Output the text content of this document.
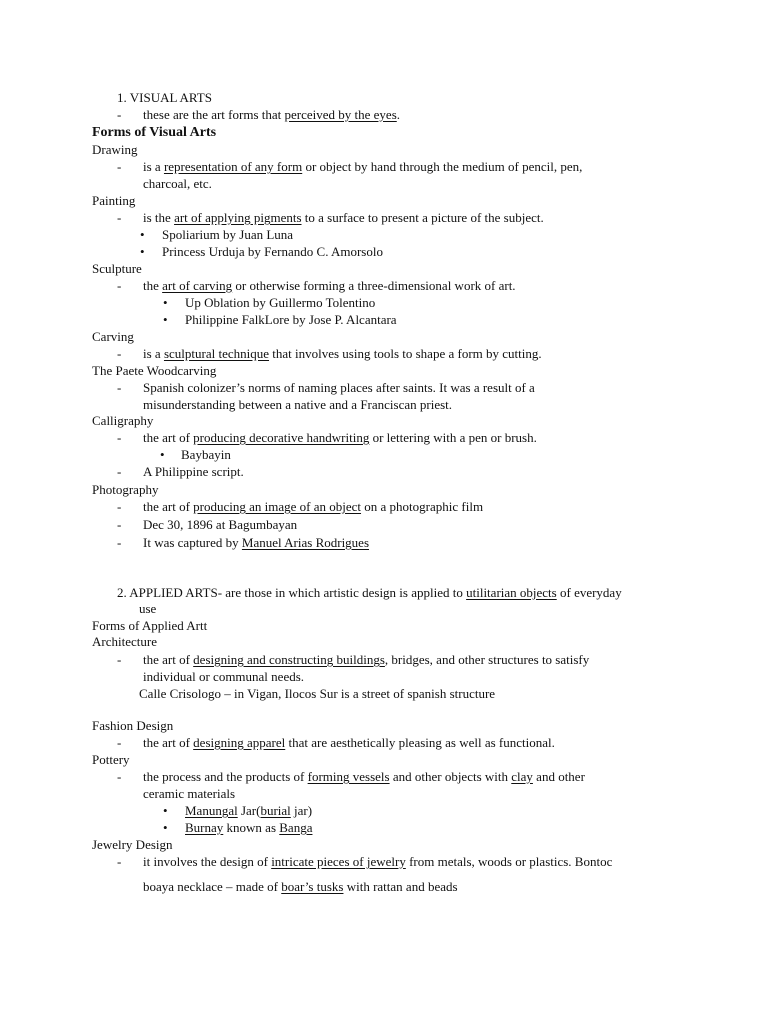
1. VISUAL ARTS
- these are the art forms that perceived by the eyes.
Forms of Visual Arts
Drawing
- is a representation of any form or object by hand through the medium of pencil, pen,
charcoal, etc.
Painting
- is the art of applying pigments to a surface to present a picture of the subject.
• Spoliarium by Juan Luna
• Princess Urduja by Fernando C. Amorsolo
Sculpture
- the art of carving or otherwise forming a three-dimensional work of art.
• Up Oblation by Guillermo Tolentino
• Philippine FalkLore by Jose P. Alcantara
Carving
- is a sculptural technique that involves using tools to shape a form by cutting.
The Paete Woodcarving
- Spanish colonizer’s norms of naming places after saints. It was a result of a
misunderstanding between a native and a Franciscan priest.
Calligraphy
- the art of producing decorative handwriting or lettering with a pen or brush.
• Baybayin
- A Philippine script.
Photography
- the art of producing an image of an object on a photographic film
- Dec 30, 1896 at Bagumbayan
- It was captured by Manuel Arias Rodrigues
2. APPLIED ARTS- are those in which artistic design is applied to utilitarian objects of everyday
use
Forms of Applied Artt
Architecture
- the art of designing and constructing buildings, bridges, and other structures to satisfy
individual or communal needs.
Calle Crisologo – in Vigan, Ilocos Sur is a street of spanish structure
Fashion Design
- the art of designing apparel that are aesthetically pleasing as well as functional.
Pottery
- the process and the products of forming vessels and other objects with clay and other
ceramic materials
• Manungal Jar(burial jar)
• Burnay known as Banga
Jewelry Design
- it involves the design of intricate pieces of jewelry from metals, woods or plastics. Bontoc
boaya necklace – made of boar’s tusks with rattan and beads
